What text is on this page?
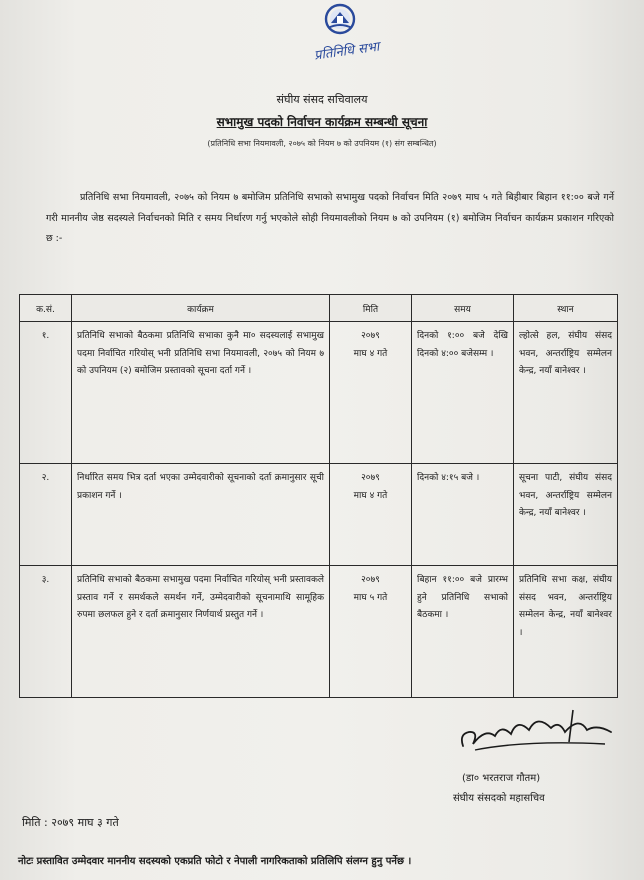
प्रतिनिधि सभा
संघीय संसद सचिवालय
सभामुख पदको निर्वाचन कार्यक्रम सम्बन्धी सूचना
(प्रतिनिधि सभा नियमावली, २०७५ को नियम ७ को उपनियम (१) संग सम्बन्धित)

प्रतिनिधि सभा नियमावली, २०७५ को नियम ७ बमोजिम प्रतिनिधि सभाको सभामुख पदको निर्वाचन मिति २०७९ माघ ५ गते बिहीबार बिहान ११:०० बजे गर्ने गरी माननीय जेष्ठ सदस्यले निर्वाचनको मिति र समय निर्धारण गर्नु भएकोले सोही नियमावलीको नियम ७ को उपनियम (१) बमोजिम निर्वाचन कार्यक्रम प्रकाशन गरिएको छ :-

क.सं.	कार्यक्रम	मिति	समय	स्थान
१.	प्रतिनिधि सभाको बैठकमा प्रतिनिधि सभाका कुनै मा० सदस्यलाई सभामुख पदमा निर्वाचित गरियोस् भनी प्रतिनिधि सभा नियमावली, २०७५ को नियम ७ को उपनियम (२) बमोजिम प्रस्तावको सूचना दर्ता गर्ने ।	२०७९
माघ ४ गते	दिनको १:०० बजे देखि दिनको ४:०० बजेसम्म ।	ल्होत्से हल, संघीय संसद भवन, अन्तर्राष्ट्रिय सम्मेलन केन्द्र, नयाँ बानेश्वर ।
२.	निर्धारित समय भित्र दर्ता भएका उम्मेदवारीको सूचनाको दर्ता क्रमानुसार सूची प्रकाशन गर्ने ।	२०७९
माघ ४ गते	दिनको ४:१५ बजे ।	सूचना पाटी, संघीय संसद भवन, अन्तर्राष्ट्रिय सम्मेलन केन्द्र, नयाँ बानेश्वर ।
३.	प्रतिनिधि सभाको बैठकमा सभामुख पदमा निर्वाचित गरियोस् भनी प्रस्तावकले प्रस्ताव गर्ने र समर्थकले समर्थन गर्ने, उम्मेदवारीको सूचनामाथि सामूहिक रुपमा छलफल हुने र दर्ता क्रमानुसार निर्णयार्थ प्रस्तुत गर्ने ।	२०७९
माघ ५ गते	बिहान ११:०० बजे प्रारम्भ हुने प्रतिनिधि सभाको बैठकमा ।	प्रतिनिधि सभा कक्ष, संघीय संसद भवन, अन्तर्राष्ट्रिय सम्मेलन केन्द्र, नयाँ बानेश्वर ।
(डा० भरतराज गौतम)
संघीय संसदको महासचिव
मिति : २०७९ माघ ३ गते
नोटः प्रस्तावित उम्मेदवार माननीय सदस्यको एकप्रति फोटो र नेपाली नागरिकताको प्रतिलिपि संलग्न हुनु पर्नेछ ।
